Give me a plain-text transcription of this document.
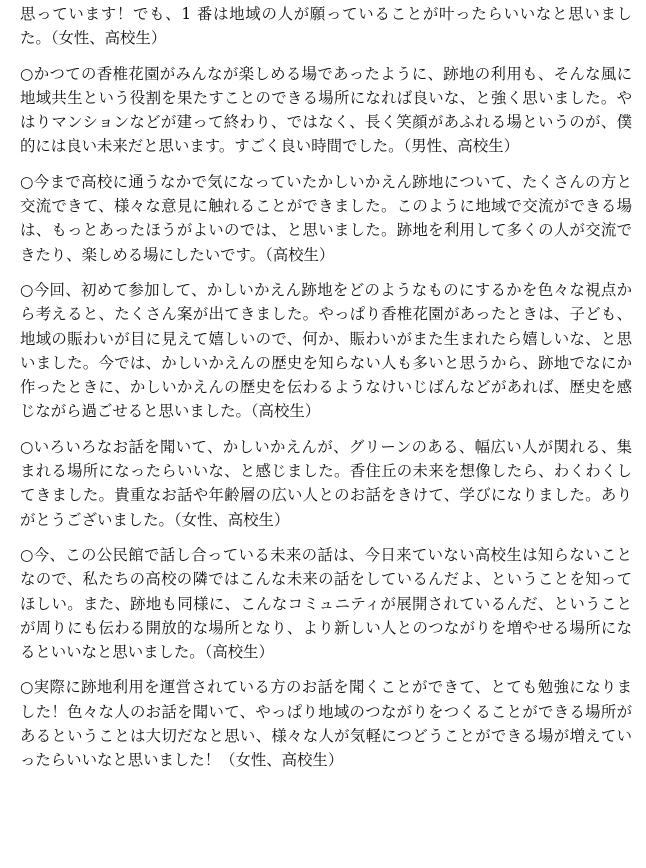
思っています！でも、1 番は地域の人が願っていることが叶ったらいいなと思いました。（女性、高校生）

○かつての香椎花園がみんなが楽しめる場であったように、跡地の利用も、そんな風に地域共生という役割を果たすことのできる場所になれば良いな、と強く思いました。やはりマンションなどが建って終わり、ではなく、長く笑顔があふれる場というのが、僕的には良い未来だと思います。すごく良い時間でした。（男性、高校生）

○今まで高校に通うなかで気になっていたかしいかえん跡地について、たくさんの方と交流できて、様々な意見に触れることができました。このように地域で交流ができる場は、もっとあったほうがよいのでは、と思いました。跡地を利用して多くの人が交流できたり、楽しめる場にしたいです。（高校生）

○今回、初めて参加して、かしいかえん跡地をどのようなものにするかを色々な視点から考えると、たくさん案が出てきました。やっぱり香椎花園があったときは、子ども、地域の賑わいが目に見えて嬉しいので、何か、賑わいがまた生まれたら嬉しいな、と思いました。今では、かしいかえんの歴史を知らない人も多いと思うから、跡地でなにか作ったときに、かしいかえんの歴史を伝わるようなけいじばんなどがあれば、歴史を感じながら過ごせると思いました。（高校生）

○いろいろなお話を聞いて、かしいかえんが、グリーンのある、幅広い人が関れる、集まれる場所になったらいいな、と感じました。香住丘の未来を想像したら、わくわくしてきました。貴重なお話や年齢層の広い人とのお話をきけて、学びになりました。ありがとうございました。（女性、高校生）

○今、この公民館で話し合っている未来の話は、今日来ていない高校生は知らないことなので、私たちの高校の隣ではこんな未来の話をしているんだよ、ということを知ってほしい。また、跡地も同様に、こんなコミュニティが展開されているんだ、ということが周りにも伝わる開放的な場所となり、より新しい人とのつながりを増やせる場所になるといいなと思いました。（高校生）

○実際に跡地利用を運営されている方のお話を聞くことができて、とても勉強になりました！色々な人のお話を聞いて、やっぱり地域のつながりをつくることができる場所があるということは大切だなと思い、様々な人が気軽につどうことができる場が増えていったらいいなと思いました！（女性、高校生）
